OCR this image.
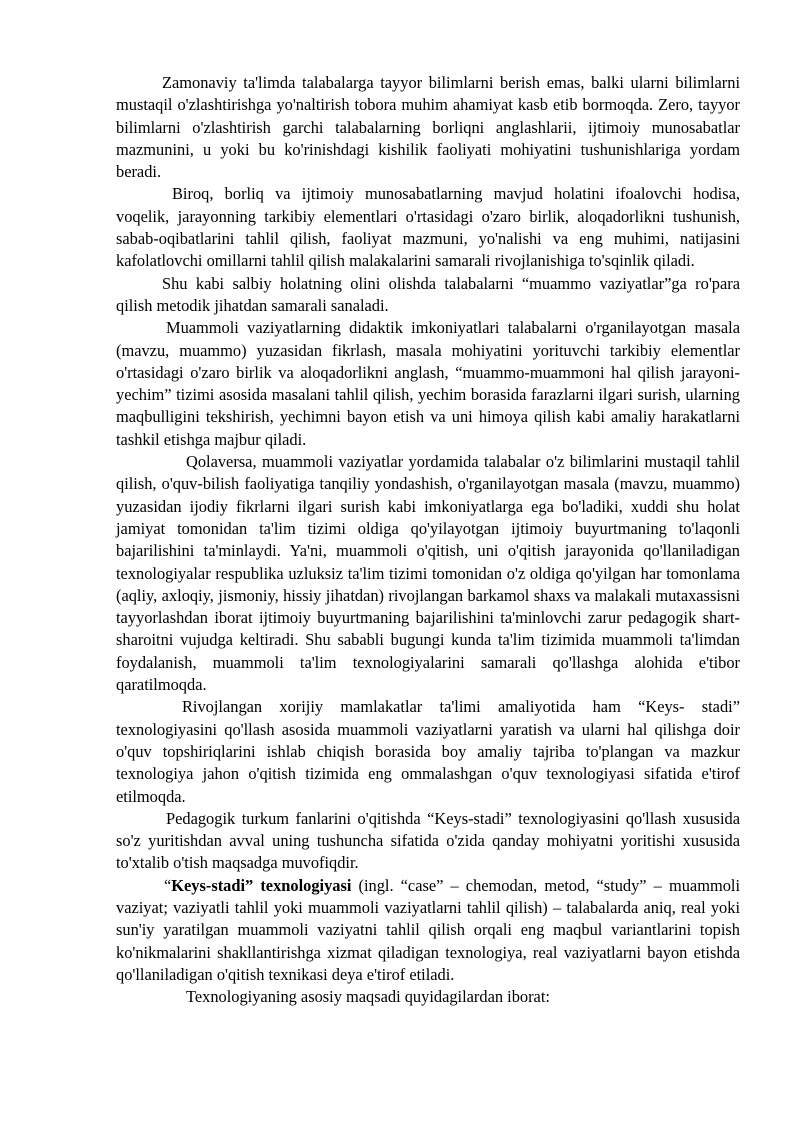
Zamonaviy ta'limda talabalarga tayyor bilimlarni berish emas, balki ularni bilimlarni mustaqil o'zlashtirishga yo'naltirish tobora muhim ahamiyat kasb etib bormoqda. Zero, tayyor bilimlarni o'zlashtirish garchi talabalarning borliqni anglashlarii, ijtimoiy munosabatlar mazmunini, u yoki bu ko'rinishdagi kishilik faoliyati mohiyatini tushunishlariga yordam beradi.

Biroq, borliq va ijtimoiy munosabatlarning mavjud holatini ifoalovchi hodisa, voqelik, jarayonning tarkibiy elementlari o'rtasidagi o'zaro birlik, aloqadorlikni tushunish, sabab-oqibatlarini tahlil qilish, faoliyat mazmuni, yo'nalishi va eng muhimi, natijasini kafolatlovchi omillarni tahlil qilish malakalarini samarali rivojlanishiga to'sqinlik qiladi.

Shu kabi salbiy holatning olini olishda talabalarni “muammo vaziyatlar”ga ro'para qilish metodik jihatdan samarali sanaladi.

Muammoli vaziyatlarning didaktik imkoniyatlari talabalarni o'rganilayotgan masala (mavzu, muammo) yuzasidan fikrlash, masala mohiyatini yorituvchi tarkibiy elementlar o'rtasidagi o'zaro birlik va aloqadorlikni anglash, “muammo-muammoni hal qilish jarayoni-yechim” tizimi asosida masalani tahlil qilish, yechim borasida farazlarni ilgari surish, ularning maqbulligini tekshirish, yechimni bayon etish va uni himoya qilish kabi amaliy harakatlarni tashkil etishga majbur qiladi.

Qolaversa, muammoli vaziyatlar yordamida talabalar o'z bilimlarini mustaqil tahlil qilish, o'quv-bilish faoliyatiga tanqiliy yondashish, o'rganilayotgan masala (mavzu, muammo) yuzasidan ijodiy fikrlarni ilgari surish kabi imkoniyatlarga ega bo'ladiki, xuddi shu holat jamiyat tomonidan ta'lim tizimi oldiga qo'yilayotgan ijtimoiy buyurtmaning to'laqonli bajarilishini ta'minlaydi. Ya'ni, muammoli o'qitish, uni o'qitish jarayonida qo'llaniladigan texnologiyalar respublika uzluksiz ta'lim tizimi tomonidan o'z oldiga qo'yilgan har tomonlama (aqliy, axloqiy, jismoniy, hissiy jihatdan) rivojlangan barkamol shaxs va malakali mutaxassisni tayyorlashdan iborat ijtimoiy buyurtmaning bajarilishini ta'minlovchi zarur pedagogik shart-sharoitni vujudga keltiradi. Shu sababli bugungi kunda ta'lim tizimida muammoli ta'limdan foydalanish, muammoli ta'lim texnologiyalarini samarali qo'llashga alohida e'tibor qaratilmoqda.

Rivojlangan xorijiy mamlakatlar ta'limi amaliyotida ham “Keys- stadi” texnologiyasini qo'llash asosida muammoli vaziyatlarni yaratish va ularni hal qilishga doir o'quv topshiriqlarini ishlab chiqish borasida boy amaliy tajriba to'plangan va mazkur texnologiya jahon o'qitish tizimida eng ommalashgan o'quv texnologiyasi sifatida e'tirof etilmoqda.

Pedagogik turkum fanlarini o'qitishda “Keys-stadi” texnologiyasini qo'llash xususida so'z yuritishdan avval uning tushuncha sifatida o'zida qanday mohiyatni yoritishi xususida to'xtalib o'tish maqsadga muvofiqdir.

“Keys-stadi” texnologiyasi (ingl. “case” – chemodan, metod, “study” – muammoli vaziyat; vaziyatli tahlil yoki muammoli vaziyatlarni tahlil qilish) – talabalarda aniq, real yoki sun'iy yaratilgan muammoli vaziyatni tahlil qilish orqali eng maqbul variantlarini topish ko'nikmalarini shakllantirishga xizmat qiladigan texnologiya, real vaziyatlarni bayon etishda qo'llaniladigan o'qitish texnikasi deya e'tirof etiladi.

Texnologiyaning asosiy maqsadi quyidagilardan iborat:
